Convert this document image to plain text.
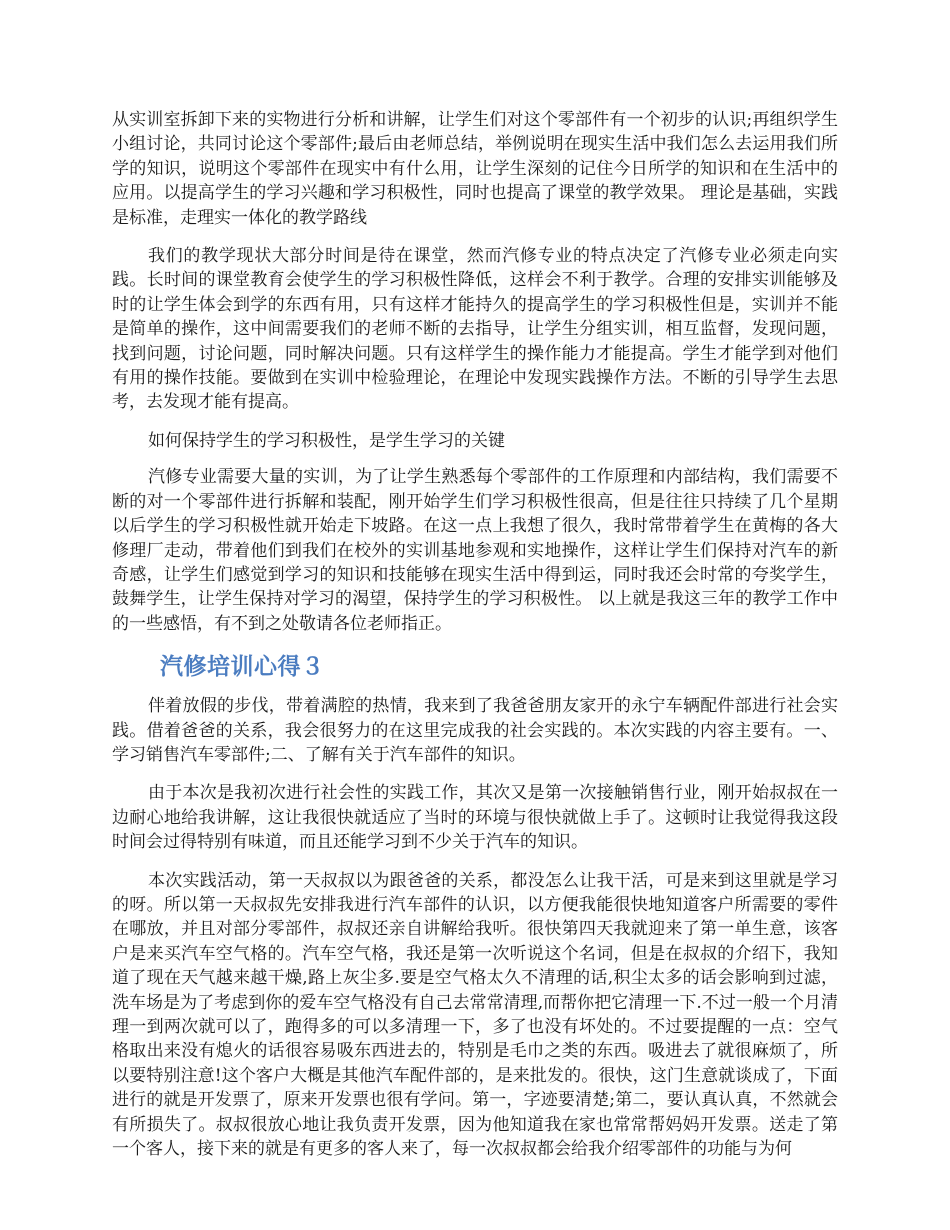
从实训室拆卸下来的实物进行分析和讲解，让学生们对这个零部件有一个初步的认识;再组织学生小组讨论，共同讨论这个零部件;最后由老师总结，举例说明在现实生活中我们怎么去运用我们所学的知识，说明这个零部件在现实中有什么用，让学生深刻的记住今日所学的知识和在生活中的应用。以提高学生的学习兴趣和学习积极性，同时也提高了课堂的教学效果。 理论是基础，实践是标准，走理实一体化的教学路线

我们的教学现状大部分时间是待在课堂，然而汽修专业的特点决定了汽修专业必须走向实践。长时间的课堂教育会使学生的学习积极性降低，这样会不利于教学。合理的安排实训能够及时的让学生体会到学的东西有用，只有这样才能持久的提高学生的学习积极性但是，实训并不能是简单的操作，这中间需要我们的老师不断的去指导，让学生分组实训，相互监督，发现问题，找到问题，讨论问题，同时解决问题。只有这样学生的操作能力才能提高。学生才能学到对他们有用的操作技能。要做到在实训中检验理论，在理论中发现实践操作方法。不断的引导学生去思考，去发现才能有提高。

如何保持学生的学习积极性，是学生学习的关键

汽修专业需要大量的实训，为了让学生熟悉每个零部件的工作原理和内部结构，我们需要不断的对一个零部件进行拆解和装配，刚开始学生们学习积极性很高，但是往往只持续了几个星期以后学生的学习积极性就开始走下坡路。在这一点上我想了很久，我时常带着学生在黄梅的各大修理厂走动，带着他们到我们在校外的实训基地参观和实地操作，这样让学生们保持对汽车的新奇感，让学生们感觉到学习的知识和技能够在现实生活中得到运，同时我还会时常的夸奖学生，鼓舞学生，让学生保持对学习的渴望，保持学生的学习积极性。 以上就是我这三年的教学工作中的一些感悟，有不到之处敬请各位老师指正。

汽修培训心得３

伴着放假的步伐，带着满腔的热情，我来到了我爸爸朋友家开的永宁车辆配件部进行社会实践。借着爸爸的关系，我会很努力的在这里完成我的社会实践的。本次实践的内容主要有。一、学习销售汽车零部件;二、了解有关于汽车部件的知识。

由于本次是我初次进行社会性的实践工作，其次又是第一次接触销售行业，刚开始叔叔在一边耐心地给我讲解，这让我很快就适应了当时的环境与很快就做上手了。这顿时让我觉得我这段时间会过得特别有味道，而且还能学习到不少关于汽车的知识。

本次实践活动，第一天叔叔以为跟爸爸的关系，都没怎么让我干活，可是来到这里就是学习的呀。所以第一天叔叔先安排我进行汽车部件的认识，以方便我能很快地知道客户所需要的零件在哪放，并且对部分零部件，叔叔还亲自讲解给我听。很快第四天我就迎来了第一单生意，该客户是来买汽车空气格的。汽车空气格，我还是第一次听说这个名词，但是在叔叔的介绍下，我知道了现在天气越来越干燥,路上灰尘多.要是空气格太久不清理的话,积尘太多的话会影响到过滤，洗车场是为了考虑到你的爱车空气格没有自己去常常清理,而帮你把它清理一下.不过一般一个月清理一到两次就可以了，跑得多的可以多清理一下，多了也没有坏处的。不过要提醒的一点：空气格取出来没有熄火的话很容易吸东西进去的，特别是毛巾之类的东西。吸进去了就很麻烦了，所以要特别注意!这个客户大概是其他汽车配件部的，是来批发的。很快，这门生意就谈成了，下面进行的就是开发票了，原来开发票也很有学问。第一，字迹要清楚;第二，要认真认真，不然就会有所损失了。叔叔很放心地让我负责开发票，因为他知道我在家也常常帮妈妈开发票。送走了第一个客人，接下来的就是有更多的客人来了，每一次叔叔都会给我介绍零部件的功能与为何
